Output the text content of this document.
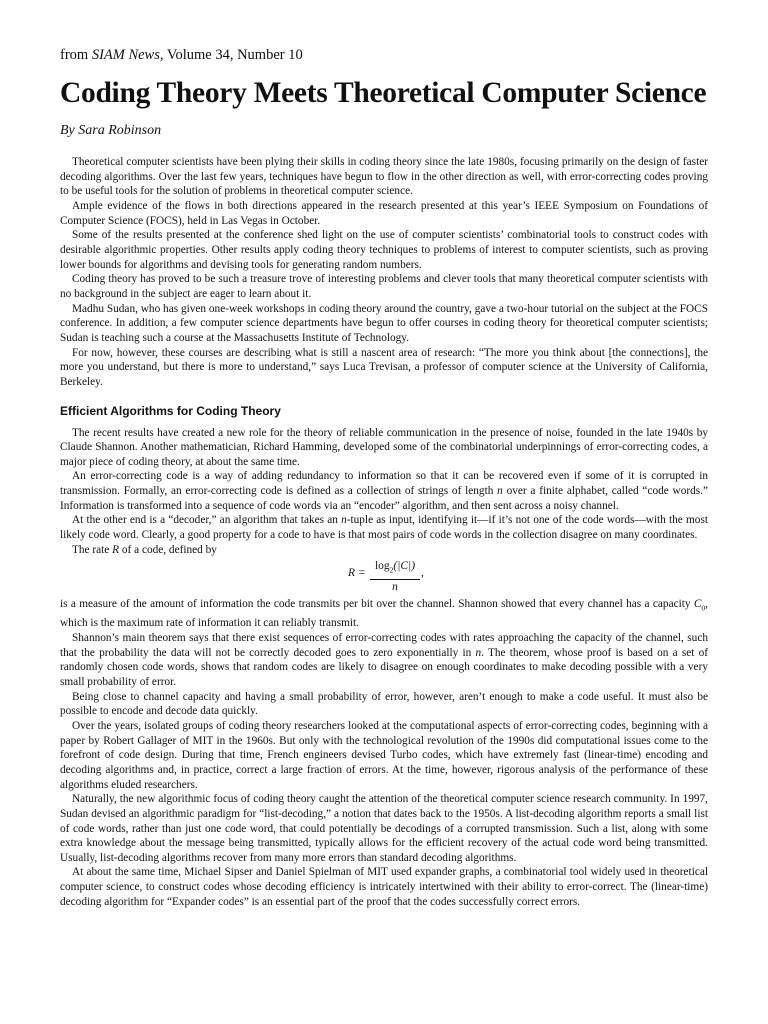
from SIAM News, Volume 34, Number 10
Coding Theory Meets Theoretical Computer Science
By Sara Robinson

Theoretical computer scientists have been plying their skills in coding theory since the late 1980s, focusing primarily on the design of faster decoding algorithms. Over the last few years, techniques have begun to flow in the other direction as well, with error-correcting codes proving to be useful tools for the solution of problems in theoretical computer science.

Ample evidence of the flows in both directions appeared in the research presented at this year’s IEEE Symposium on Foundations of Computer Science (FOCS), held in Las Vegas in October.

Some of the results presented at the conference shed light on the use of computer scientists’ combinatorial tools to construct codes with desirable algorithmic properties. Other results apply coding theory techniques to problems of interest to computer scientists, such as proving lower bounds for algorithms and devising tools for generating random numbers.

Coding theory has proved to be such a treasure trove of interesting problems and clever tools that many theoretical computer scientists with no background in the subject are eager to learn about it.

Madhu Sudan, who has given one-week workshops in coding theory around the country, gave a two-hour tutorial on the subject at the FOCS conference. In addition, a few computer science departments have begun to offer courses in coding theory for theoretical computer scientists; Sudan is teaching such a course at the Massachusetts Institute of Technology.

For now, however, these courses are describing what is still a nascent area of research: “The more you think about [the connections], the more you understand, but there is more to understand,” says Luca Trevisan, a professor of computer science at the University of California, Berkeley.

Efficient Algorithms for Coding Theory

The recent results have created a new role for the theory of reliable communication in the presence of noise, founded in the late 1940s by Claude Shannon. Another mathematician, Richard Hamming, developed some of the combinatorial underpinnings of error-correcting codes, a major piece of coding theory, at about the same time.

An error-correcting code is a way of adding redundancy to information so that it can be recovered even if some of it is corrupted in transmission. Formally, an error-correcting code is defined as a collection of strings of length n over a finite alphabet, called “code words.” Information is transformed into a sequence of code words via an “encoder” algorithm, and then sent across a noisy channel.

At the other end is a “decoder,” an algorithm that takes an n-tuple as input, identifying it—if it’s not one of the code words—with the most likely code word. Clearly, a good property for a code to have is that most pairs of code words in the collection disagree on many coordinates.

The rate R of a code, defined by

$R = \frac{\log_2(|C|)}{n}$ ,

is a measure of the amount of information the code transmits per bit over the channel. Shannon showed that every channel has a capacity $C_0$, which is the maximum rate of information it can reliably transmit.

Shannon’s main theorem says that there exist sequences of error-correcting codes with rates approaching the capacity of the channel, such that the probability the data will not be correctly decoded goes to zero exponentially in n. The theorem, whose proof is based on a set of randomly chosen code words, shows that random codes are likely to disagree on enough coordinates to make decoding possible with a very small probability of error.

Being close to channel capacity and having a small probability of error, however, aren’t enough to make a code useful. It must also be possible to encode and decode data quickly.

Over the years, isolated groups of coding theory researchers looked at the computational aspects of error-correcting codes, beginning with a paper by Robert Gallager of MIT in the 1960s. But only with the technological revolution of the 1990s did computational issues come to the forefront of code design. During that time, French engineers devised Turbo codes, which have extremely fast (linear-time) encoding and decoding algorithms and, in practice, correct a large fraction of errors. At the time, however, rigorous analysis of the performance of these algorithms eluded researchers.

Naturally, the new algorithmic focus of coding theory caught the attention of the theoretical computer science research community. In 1997, Sudan devised an algorithmic paradigm for “list-decoding,” a notion that dates back to the 1950s. A list-decoding algorithm reports a small list of code words, rather than just one code word, that could potentially be decodings of a corrupted transmission. Such a list, along with some extra knowledge about the message being transmitted, typically allows for the efficient recovery of the actual code word being transmitted. Usually, list-decoding algorithms recover from many more errors than standard decoding algorithms.

At about the same time, Michael Sipser and Daniel Spielman of MIT used expander graphs, a combinatorial tool widely used in theoretical computer science, to construct codes whose decoding efficiency is intricately intertwined with their ability to error-correct. The (linear-time) decoding algorithm for “Expander codes” is an essential part of the proof that the codes successfully correct errors.
